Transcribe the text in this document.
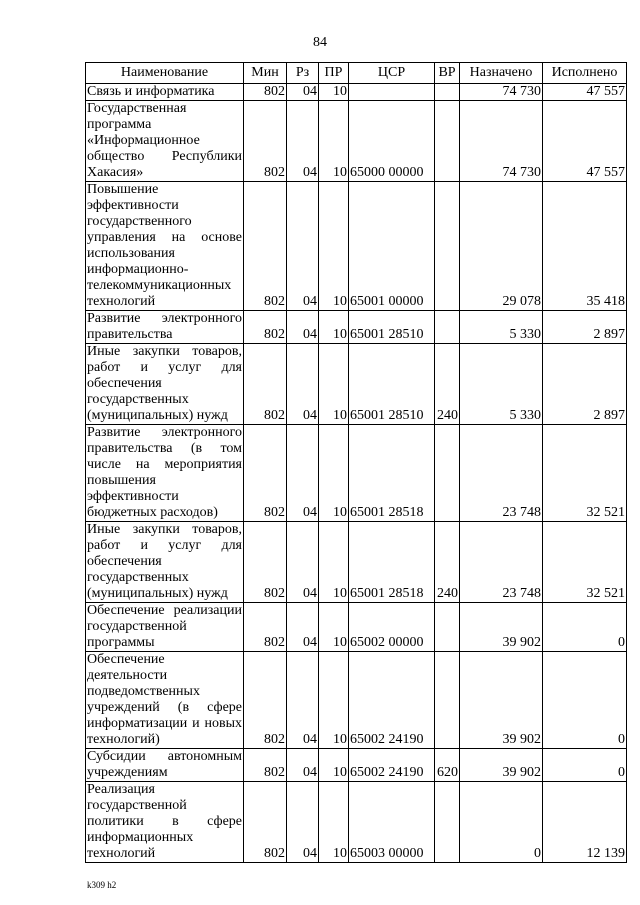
84
Наименование	Мин	Рз	ПР	ЦСР	ВР	Назначено	Исполнено
Связь и информатика	802	04	10			74 730	47 557
Государственная программа «Информационное общество Республики Хакасия»	802	04	10	65000 00000		74 730	47 557
Повышение эффективности государственного управления на основе использования информационно-телекоммуникационных технологий	802	04	10	65001 00000		29 078	35 418
Развитие электронного правительства	802	04	10	65001 28510		5 330	2 897
Иные закупки товаров, работ и услуг для обеспечения государственных (муниципальных) нужд	802	04	10	65001 28510	240	5 330	2 897
Развитие электронного правительства (в том числе на мероприятия повышения эффективности бюджетных расходов)	802	04	10	65001 28518		23 748	32 521
Иные закупки товаров, работ и услуг для обеспечения государственных (муниципальных) нужд	802	04	10	65001 28518	240	23 748	32 521
Обеспечение реализации государственной программы	802	04	10	65002 00000		39 902	0
Обеспечение деятельности подведомственных учреждений (в сфере информатизации и новых технологий)	802	04	10	65002 24190		39 902	0
Субсидии автономным учреждениям	802	04	10	65002 24190	620	39 902	0
Реализация государственной политики в сфере информационных технологий	802	04	10	65003 00000		0	12 139
k309 h2
